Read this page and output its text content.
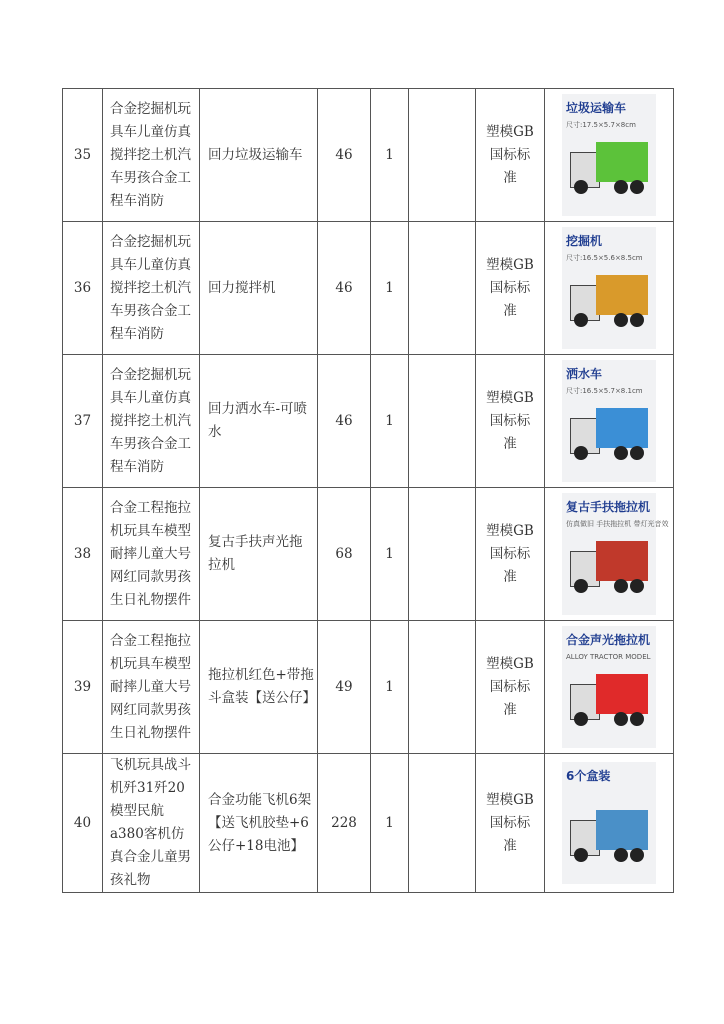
35	合金挖掘机玩具车儿童仿真搅拌挖土机汽车男孩合金工程车消防	回力垃圾运输车	46	1		塑模GB国标标准	垃圾运输车
尺寸:17.5×5.7×8cm

36	合金挖掘机玩具车儿童仿真搅拌挖土机汽车男孩合金工程车消防	回力搅拌机	46	1		塑模GB国标标准	挖掘机
尺寸:16.5×5.6×8.5cm

37	合金挖掘机玩具车儿童仿真搅拌挖土机汽车男孩合金工程车消防	回力洒水车-可喷水	46	1		塑模GB国标标准	洒水车
尺寸:16.5×5.7×8.1cm

38	合金工程拖拉机玩具车模型耐摔儿童大号网红同款男孩生日礼物摆件	复古手扶声光拖拉机	68	1		塑模GB国标标准	复古手扶拖拉机
仿真做旧 手扶拖拉机 带灯光音效

39	合金工程拖拉机玩具车模型耐摔儿童大号网红同款男孩生日礼物摆件	拖拉机红色+带拖斗盒装【送公仔】	49	1		塑模GB国标标准	合金声光拖拉机
ALLOY TRACTOR MODEL

40	飞机玩具战斗机歼31歼20模型民航a380客机仿真合金儿童男孩礼物	合金功能飞机6架【送飞机胶垫+6公仔+18电池】	228	1		塑模GB国标标准	6个盒装
